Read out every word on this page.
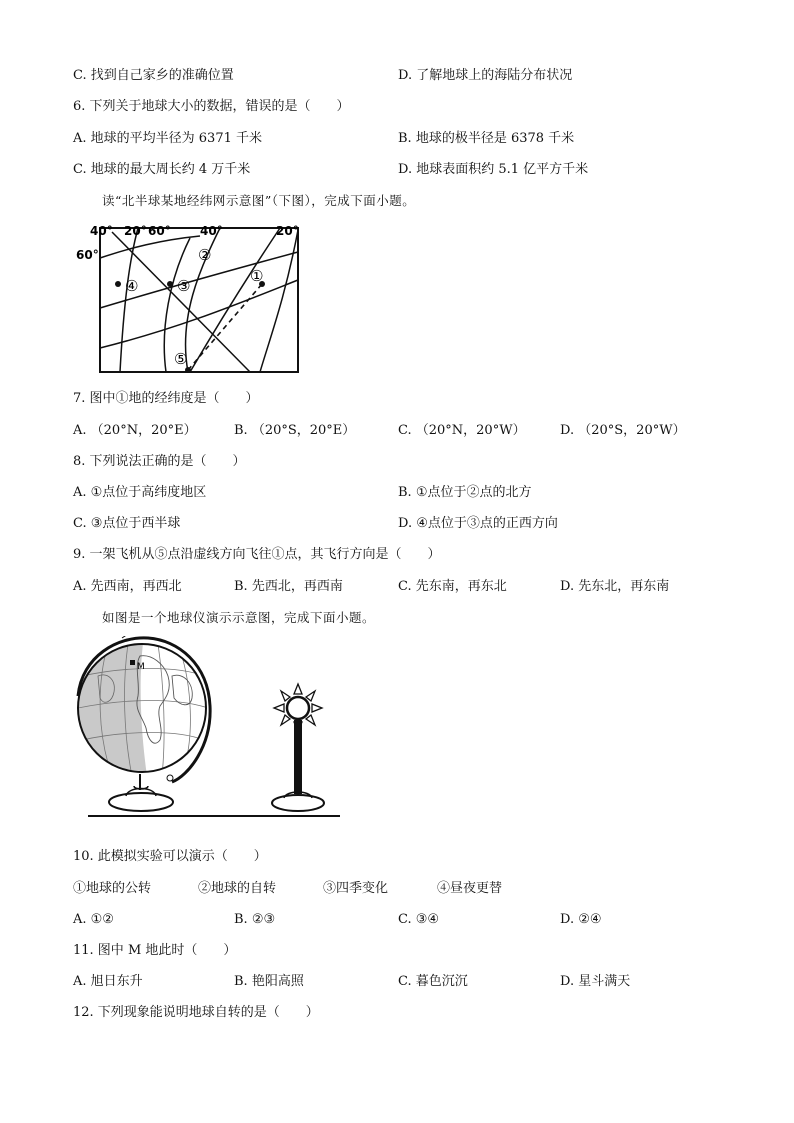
C. 找到自己家乡的准确位置	D. 了解地球上的海陆分布状况
6. 下列关于地球大小的数据，错误的是（　　）
A. 地球的平均半径为 6371 千米	B. 地球的极半径是 6378 千米
C. 地球的最大周长约 4 万千米	D. 地球表面积约 5.1 亿平方千米
读“北半球某地经纬网示意图”（下图），完成下面小题。
40° 20° 60° 40°	20°
60°
①
②
③
④
⑤
7. 图中①地的经纬度是（　　）
A. （20°N，20°E）	B. （20°S，20°E）	C. （20°N，20°W）	D. （20°S，20°W）
8. 下列说法正确的是（　　）
A. ①点位于高纬度地区	B. ①点位于②点的北方
C. ③点位于西半球	D. ④点位于③点的正西方向
9. 一架飞机从⑤点沿虚线方向飞往①点，其飞行方向是（　　）
A. 先西南，再西北	B. 先西北，再西南	C. 先东南，再东北	D. 先东北，再东南
如图是一个地球仪演示示意图，完成下面小题。
M
10. 此模拟实验可以演示（　　）
①地球的公转	②地球的自转	③四季变化	④昼夜更替
A. ①②	B. ②③	C. ③④	D. ②④
11. 图中 M 地此时（　　）
A. 旭日东升	B. 艳阳高照	C. 暮色沉沉	D. 星斗满天
12. 下列现象能说明地球自转的是（　　）
